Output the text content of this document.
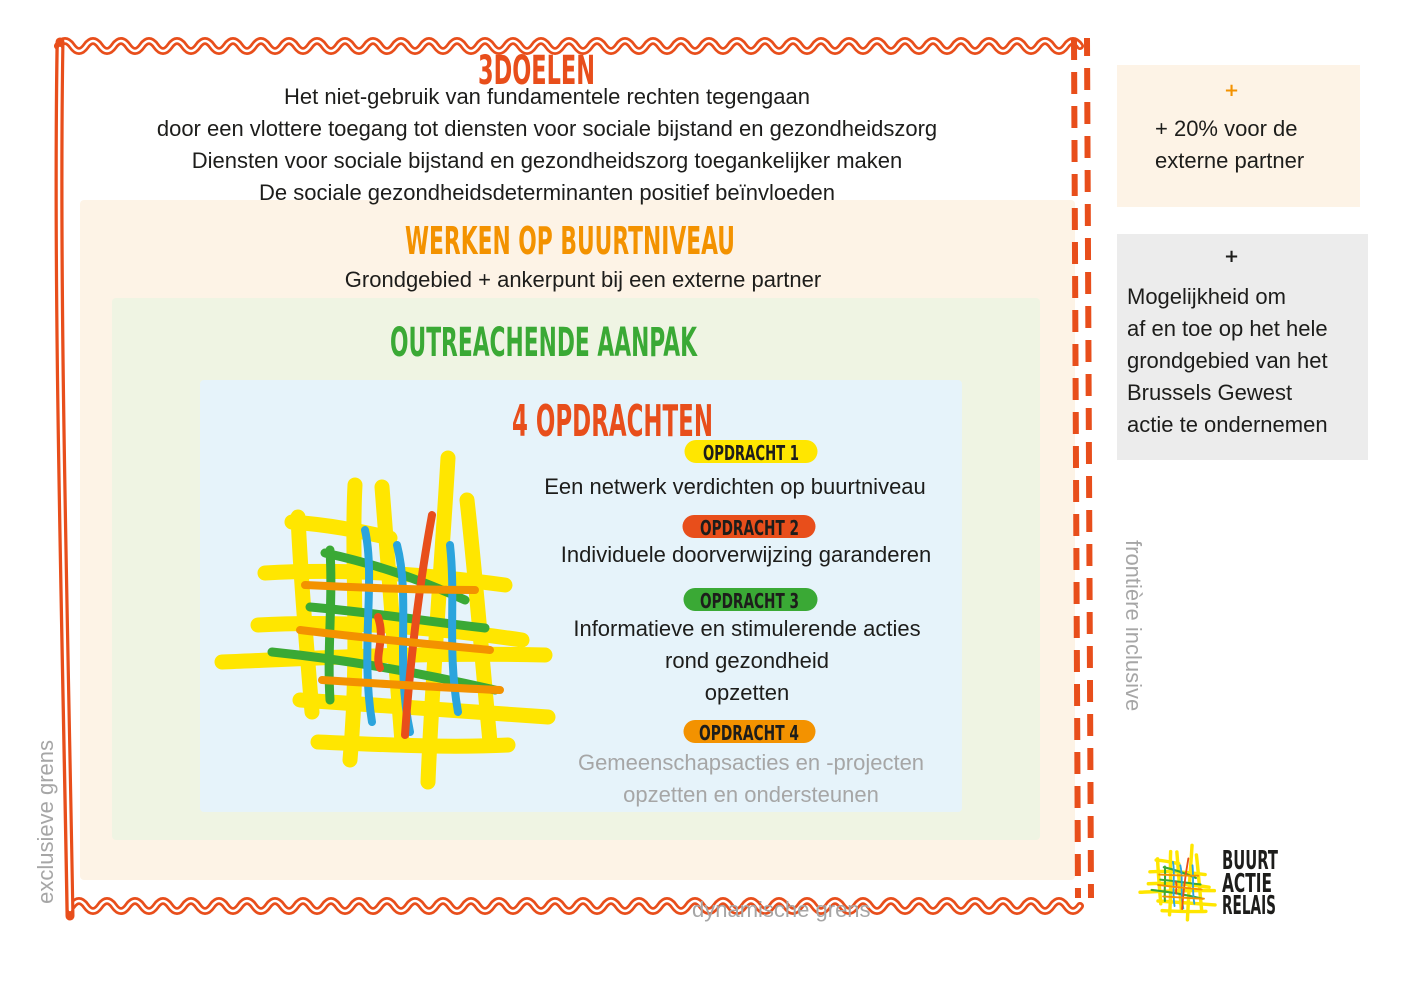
3DOELEN
WERKEN OP BUURTNIVEAU
OUTREACHENDE AANPAK
4 OPDRACHTEN
OPDRACHT 1
OPDRACHT 2
OPDRACHT 3
OPDRACHT 4
BUURT
ACTIE
RELAIS
Het niet-gebruik van fundamentele rechten tegengaan
door een vlottere toegang tot diensten voor sociale bijstand en gezondheidszorg
Diensten voor sociale bijstand en gezondheidszorg toegankelijker maken
De sociale gezondheidsdeterminanten positief beïnvloeden
Grondgebied + ankerpunt bij een externe partner
Een netwerk verdichten op buurtniveau
Individuele doorverwijzing garanderen
Informatieve en stimulerende acties
rond gezondheid
opzetten
Gemeenschapsacties en -projecten
opzetten en ondersteunen
+
+ 20% voor de
externe partner
+
Mogelijkheid om
af en toe op het hele
grondgebied van het
Brussels Gewest
actie te ondernemen
exclusieve grens
frontière inclusive
dynamische grens
